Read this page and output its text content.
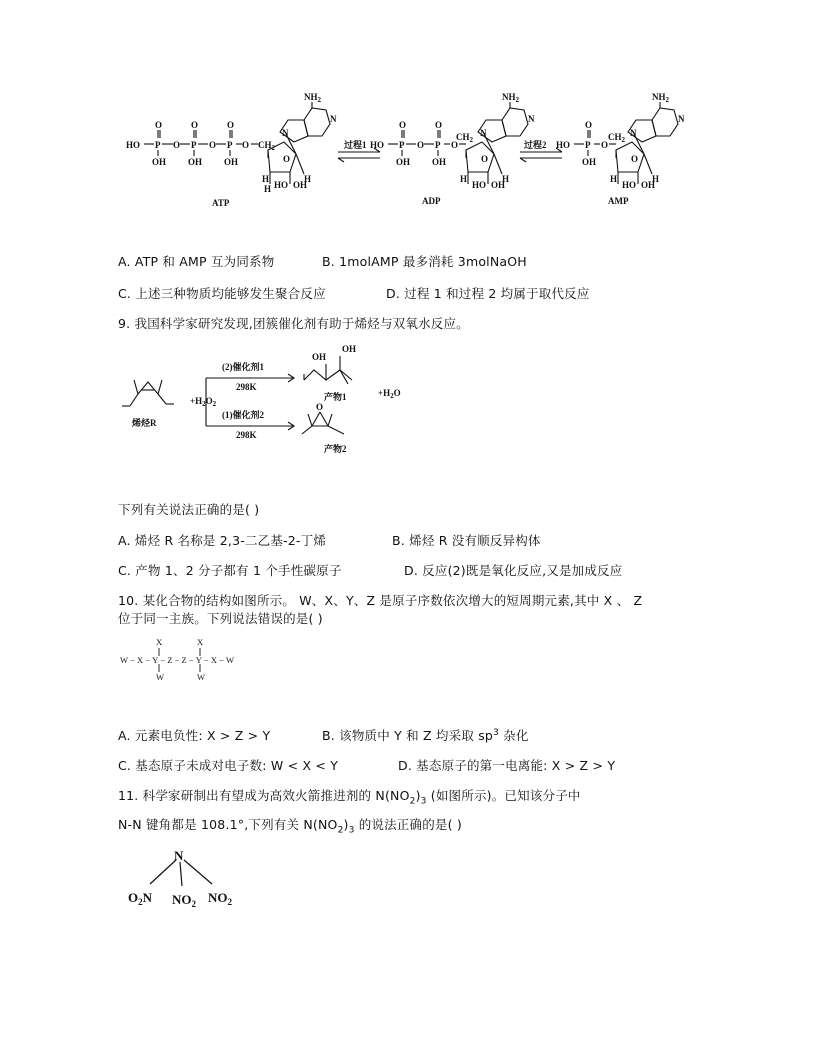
HO P
O
OH
O P
O
OH
O P
O
OH
O $CH_2$
$NH_2$
N
N
H
H HO OH
H
O
ATP
过程1 HO P
O
OH
O P
O
OH
O
$CH_2$
$NH_2$
N
N
H
HO OH
H
O
ADP
过程2 HO P
O
OH
O
$CH_2$
$NH_2$
N
N
H
HO OH
H
O
AMP
A. ATP 和 AMP 互为同系物	B. 1molAMP 最多消耗 3molNaOH
C. 上述三种物质均能够发生聚合反应	D. 过程 1 和过程 2 均属于取代反应
9. 我国科学家研究发现,团簇催化剂有助于烯烃与双氧水反应。
烯烃R
$+H_2O_2$
(2)催化剂1
298K
(1)催化剂2
298K
OH
OH
产物1	$+H_2O$
O
产物2
下列有关说法正确的是( )
A. 烯烃 R 名称是 2,3-二乙基-2-丁烯	B. 烯烃 R 没有顺反异构体
C. 产物 1、2 分子都有 1 个手性碳原子	D. 反应(2)既是氧化反应,又是加成反应
10. 某化合物的结构如图所示。 W、X、Y、Z 是原子序数依次增大的短周期元素,其中 X 、 Z
位于同一主族。下列说法错误的是( )
X	X
W−X−Y−Z−Z−Y−X−W
W	W
A. 元素电负性: X > Z > Y	B. 该物质中 Y 和 Z 均采取 $sp^3$ 杂化
C. 基态原子未成对电子数: W < X < Y	D. 基态原子的第一电离能: X > Z > Y
11. 科学家研制出有望成为高效火箭推进剂的 $N(NO_2)_3$ (如图所示)。已知该分子中
N-N 键角都是 108.1°,下列有关 $N(NO_2)_3$ 的说法正确的是( )
N
$O_2N$ $NO_2$ $NO_2$
